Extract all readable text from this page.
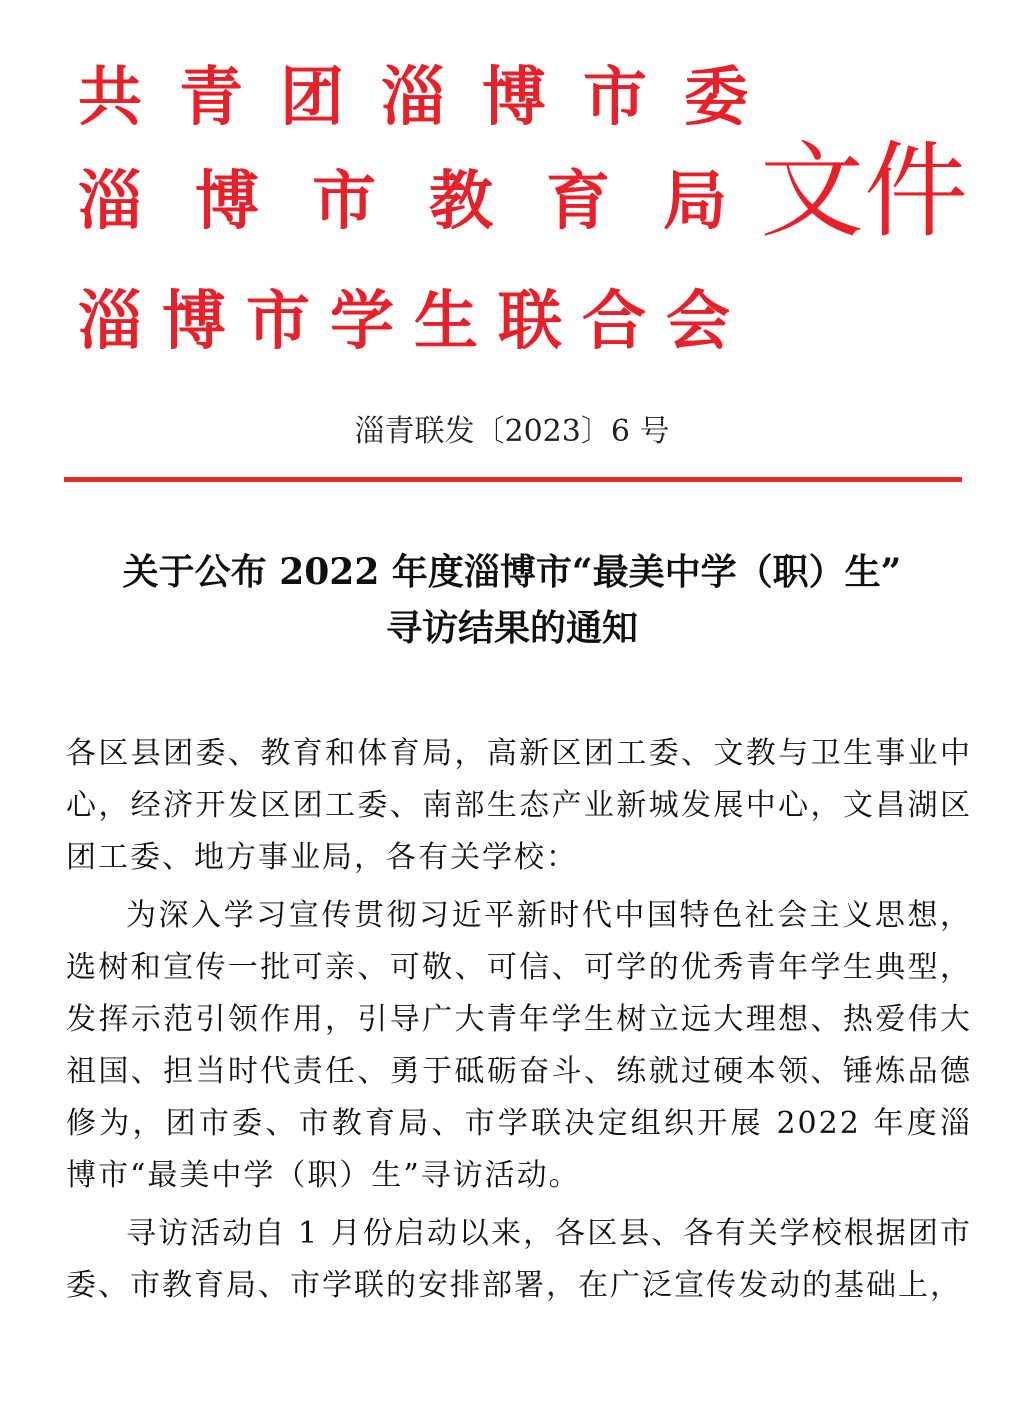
共青团淄博市委
淄博市教育局
淄博市学生联合会
文件
淄青联发〔2023〕6 号
关于公布 2022 年度淄博市“最美中学（职）生”
寻访结果的通知

各区县团委、教育和体育局，高新区团工委、文教与卫生事业中心，经济开发区团工委、南部生态产业新城发展中心，文昌湖区团工委、地方事业局，各有关学校：

为深入学习宣传贯彻习近平新时代中国特色社会主义思想，选树和宣传一批可亲、可敬、可信、可学的优秀青年学生典型，发挥示范引领作用，引导广大青年学生树立远大理想、热爱伟大祖国、担当时代责任、勇于砥砺奋斗、练就过硬本领、锤炼品德修为，团市委、市教育局、市学联决定组织开展 2022 年度淄博市“最美中学（职）生”寻访活动。

寻访活动自 1 月份启动以来，各区县、各有关学校根据团市委、市教育局、市学联的安排部署，在广泛宣传发动的基础上，
